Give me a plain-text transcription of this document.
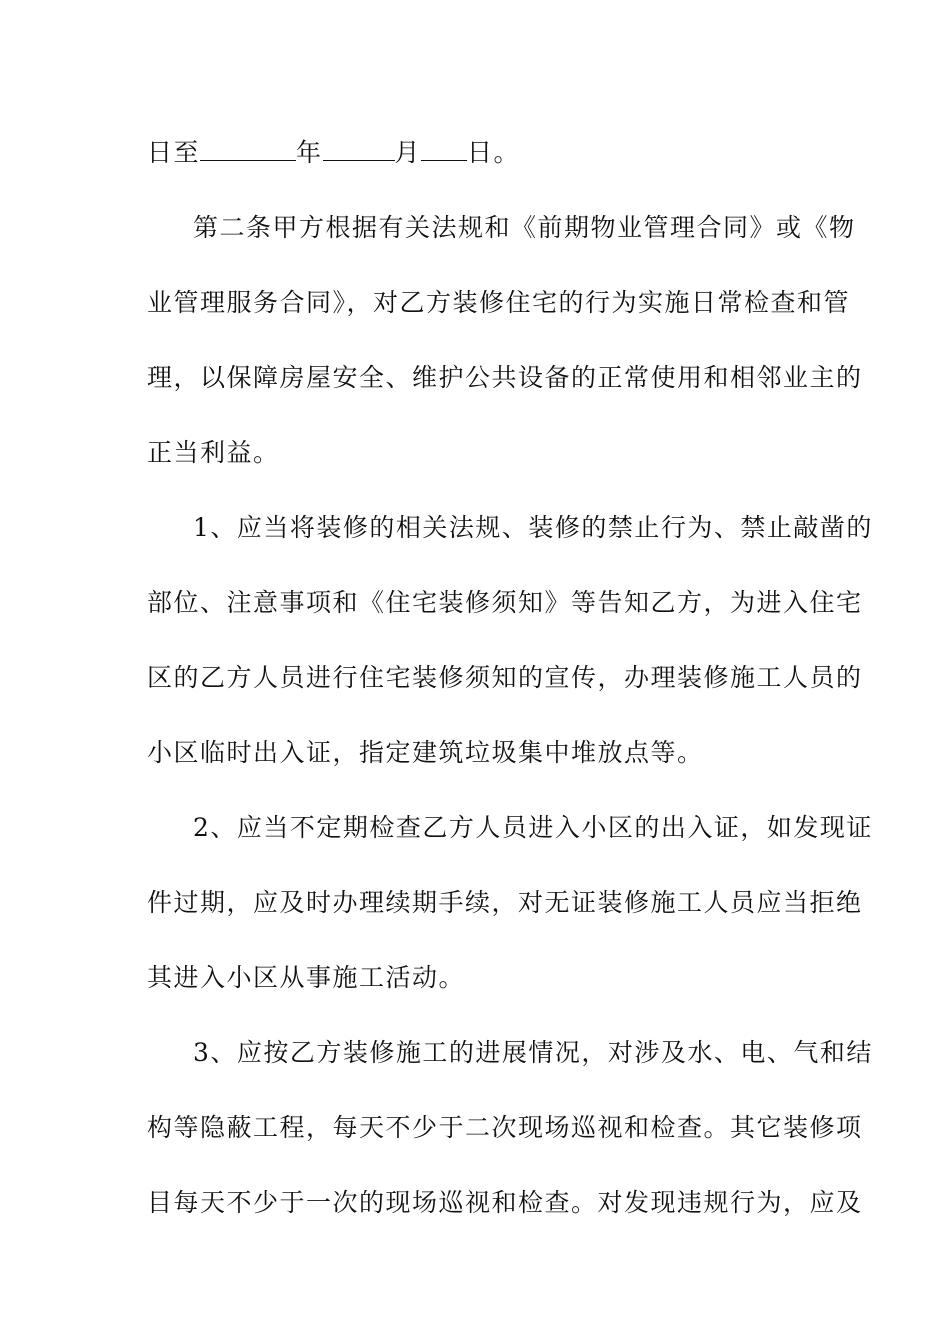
日至	年	月 日。
第二条甲方根据有关法规和《前期物业管理合同》或《物
业管理服务合同》，对乙方装修住宅的行为实施日常检查和管
理，以保障房屋安全、维护公共设备的正常使用和相邻业主的
正当利益。
1、应当将装修的相关法规、装修的禁止行为、禁止敲凿的
部位、注意事项和《住宅装修须知》等告知乙方，为进入住宅
区的乙方人员进行住宅装修须知的宣传，办理装修施工人员的
小区临时出入证，指定建筑垃圾集中堆放点等。
2、应当不定期检查乙方人员进入小区的出入证，如发现证
件过期，应及时办理续期手续，对无证装修施工人员应当拒绝
其进入小区从事施工活动。
3、应按乙方装修施工的进展情况，对涉及水、电、气和结
构等隐蔽工程，每天不少于二次现场巡视和检查。其它装修项
目每天不少于一次的现场巡视和检查。对发现违规行为，应及
